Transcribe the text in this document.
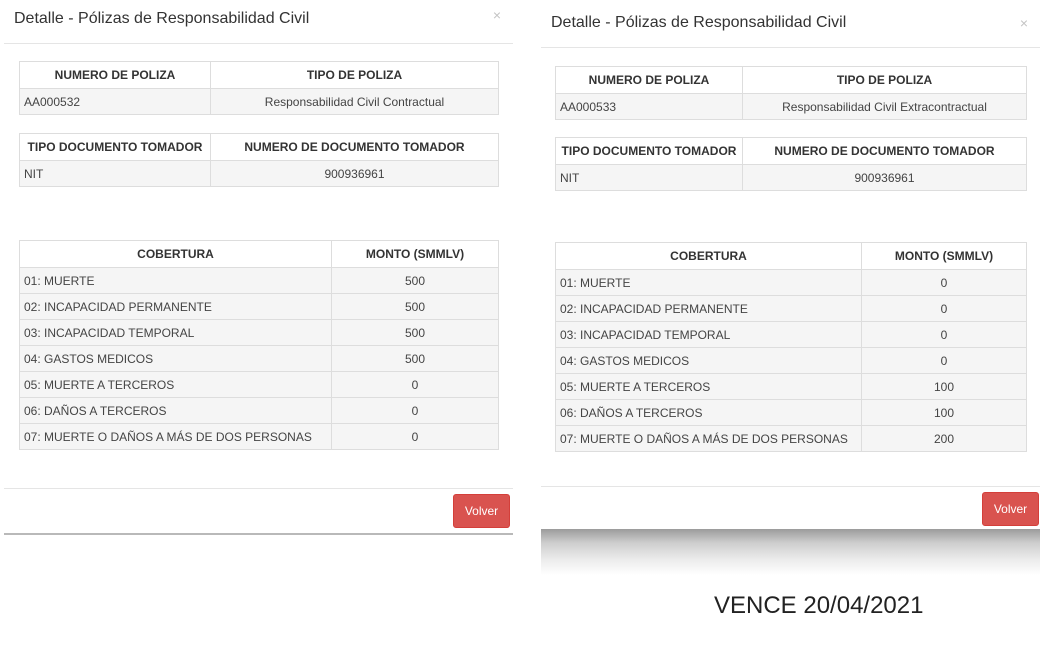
Detalle - Pólizas de Responsabilidad Civil	×
NUMERO DE POLIZA	TIPO DE POLIZA
AA000532	Responsabilidad Civil Contractual
TIPO DOCUMENTO TOMADOR	NUMERO DE DOCUMENTO TOMADOR
NIT	900936961
COBERTURA	MONTO (SMMLV)
01: MUERTE	500
02: INCAPACIDAD PERMANENTE	500
03: INCAPACIDAD TEMPORAL	500
04: GASTOS MEDICOS	500
05: MUERTE A TERCEROS	0
06: DAÑOS A TERCEROS	0
07: MUERTE O DAÑOS A MÁS DE DOS PERSONAS	0
Volver
Detalle - Pólizas de Responsabilidad Civil	×
NUMERO DE POLIZA	TIPO DE POLIZA
AA000533	Responsabilidad Civil Extracontractual
TIPO DOCUMENTO TOMADOR	NUMERO DE DOCUMENTO TOMADOR
NIT	900936961
COBERTURA	MONTO (SMMLV)
01: MUERTE	0
02: INCAPACIDAD PERMANENTE	0
03: INCAPACIDAD TEMPORAL	0
04: GASTOS MEDICOS	0
05: MUERTE A TERCEROS	100
06: DAÑOS A TERCEROS	100
07: MUERTE O DAÑOS A MÁS DE DOS PERSONAS	200
Volver
VENCE 20/04/2021
